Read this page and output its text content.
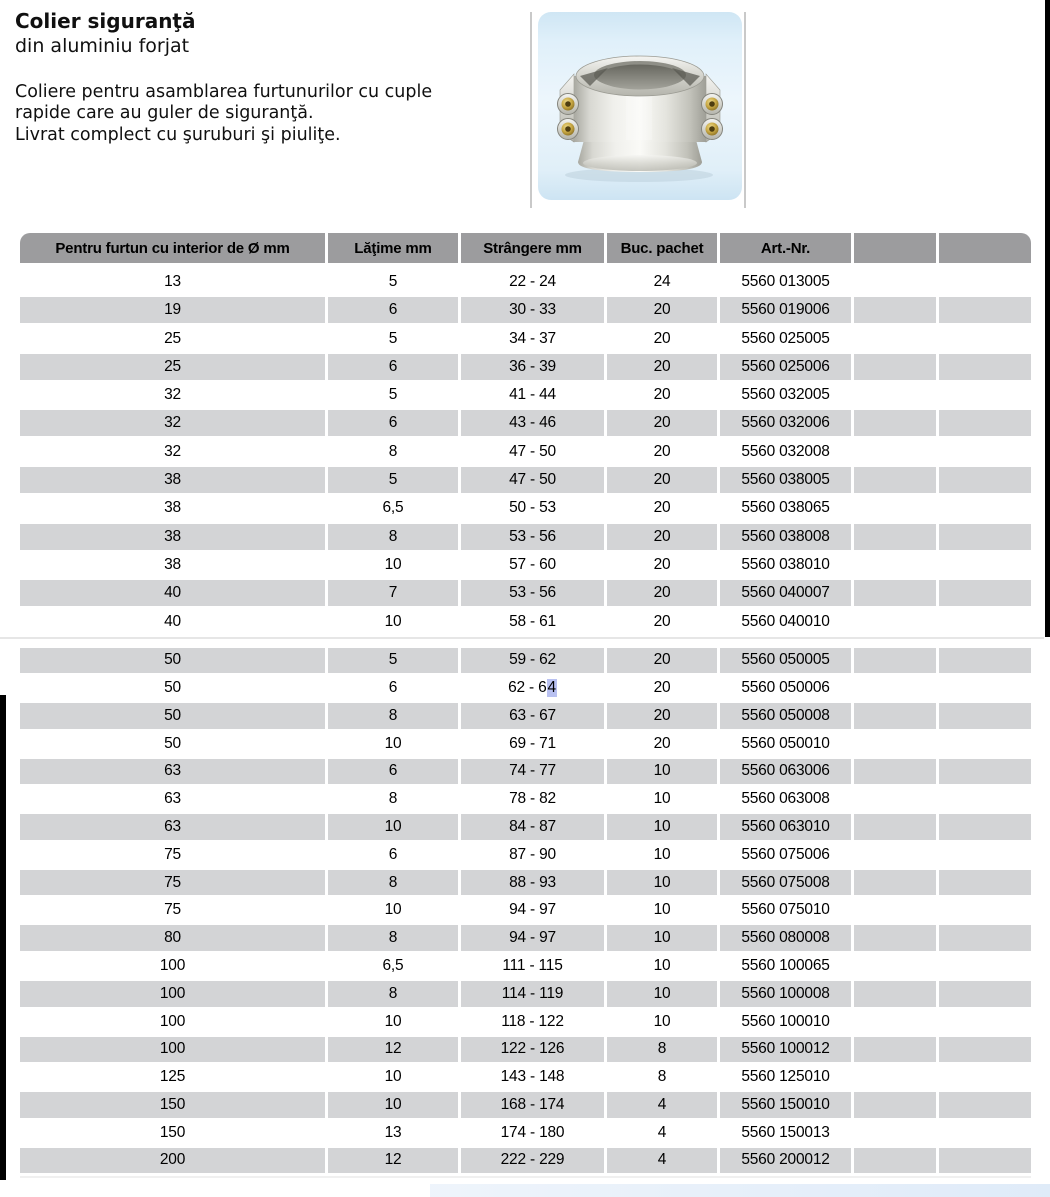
Colier siguranţă
din aluminiu forjat
Coliere pentru asamblarea furtunurilor cu cuple
rapide care au guler de siguranţă.
Livrat complect cu şuruburi şi piuliţe.
Pentru furtun cu interior de Ø mm	Lăţime mm	Strângere mm	Buc. pachet	Art.-Nr.
13	5	22 - 24	24	5560 013005
19	6	30 - 33	20	5560 019006
25	5	34 - 37	20	5560 025005
25	6	36 - 39	20	5560 025006
32	5	41 - 44	20	5560 032005
32	6	43 - 46	20	5560 032006
32	8	47 - 50	20	5560 032008
38	5	47 - 50	20	5560 038005
38	6,5	50 - 53	20	5560 038065
38	8	53 - 56	20	5560 038008
38	10	57 - 60	20	5560 038010
40	7	53 - 56	20	5560 040007
40	10	58 - 61	20	5560 040010
50	5	59 - 62	20	5560 050005
50	6	62 - 6 4	20	5560 050006
50	8	63 - 67	20	5560 050008
50	10	69 - 71	20	5560 050010
63	6	74 - 77	10	5560 063006
63	8	78 - 82	10	5560 063008
63	10	84 - 87	10	5560 063010
75	6	87 - 90	10	5560 075006
75	8	88 - 93	10	5560 075008
75	10	94 - 97	10	5560 075010
80	8	94 - 97	10	5560 080008
100	6,5	111 - 115	10	5560 100065
100	8	114 - 119	10	5560 100008
100	10	118 - 122	10	5560 100010
100	12	122 - 126	8	5560 100012
125	10	143 - 148	8	5560 125010
150	10	168 - 174	4	5560 150010
150	13	174 - 180	4	5560 150013
200	12	222 - 229	4	5560 200012
